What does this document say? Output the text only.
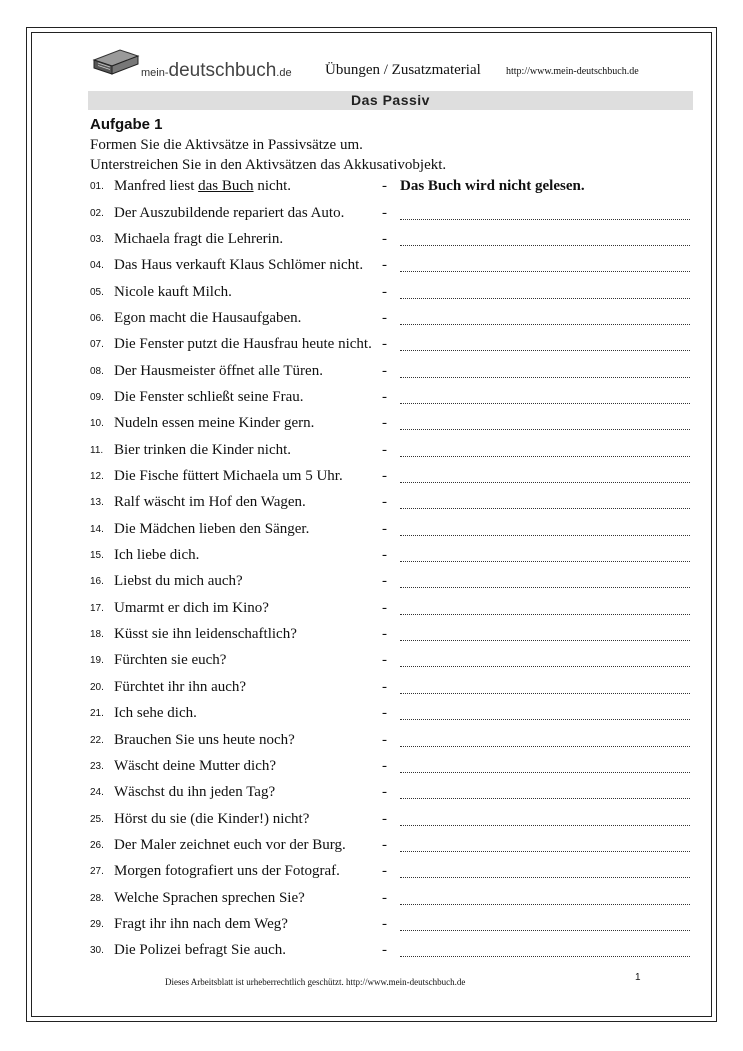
mein-deutschbuch.de Übungen / Zusatzmaterial	http://www.mein-deutschbuch.de
Das Passiv
Aufgabe 1
Formen Sie die Aktivsätze in Passivsätze um.
Unterstreichen Sie in den Aktivsätzen das Akkusativobjekt.
01. Manfred liest das Buch nicht.	- Das Buch wird nicht gelesen.
02. Der Auszubildende repariert das Auto.	-
03. Michaela fragt die Lehrerin.	-
04. Das Haus verkauft Klaus Schlömer nicht. -
05. Nicole kauft Milch.	-
06. Egon macht die Hausaufgaben.	-
07. Die Fenster putzt die Hausfrau heute nicht. -
08. Der Hausmeister öffnet alle Türen.	-
09. Die Fenster schließt seine Frau.	-
10. Nudeln essen meine Kinder gern.	-
11. Bier trinken die Kinder nicht.	-
12. Die Fische füttert Michaela um 5 Uhr.	-
13. Ralf wäscht im Hof den Wagen.	-
14. Die Mädchen lieben den Sänger.	-
15. Ich liebe dich.	-
16. Liebst du mich auch?	-
17. Umarmt er dich im Kino?	-
18. Küsst sie ihn leidenschaftlich?	-
19. Fürchten sie euch?	-
20. Fürchtet ihr ihn auch?	-
21. Ich sehe dich.	-
22. Brauchen Sie uns heute noch?	-
23. Wäscht deine Mutter dich?	-
24. Wäschst du ihn jeden Tag?	-
25. Hörst du sie (die Kinder!) nicht?	-
26. Der Maler zeichnet euch vor der Burg. -
27. Morgen fotografiert uns der Fotograf.	-
28. Welche Sprachen sprechen Sie?	-
29. Fragt ihr ihn nach dem Weg?	-
30. Die Polizei befragt Sie auch.	-
Dieses Arbeitsblatt ist urheberrechtlich geschützt. http://www.mein-deutschbuch.de	1
